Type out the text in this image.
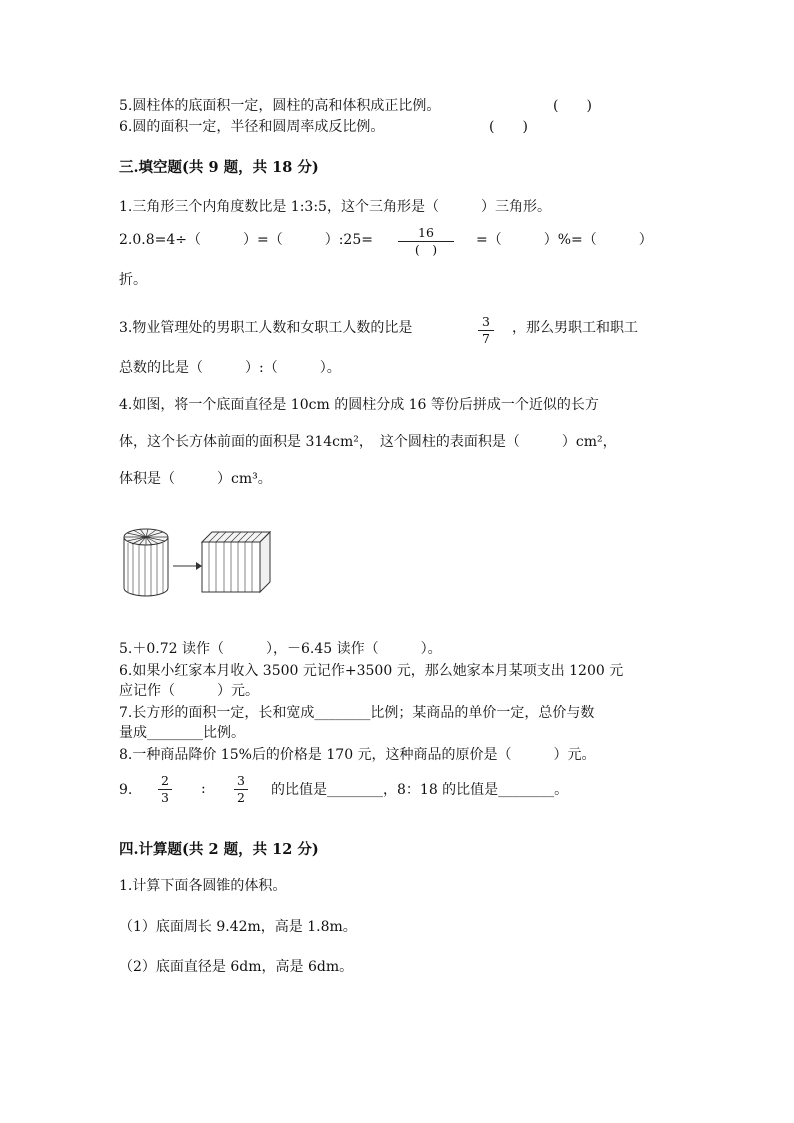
5.圆柱体的底面积一定，圆柱的高和体积成正比例。	(　　)
6.圆的面积一定，半径和圆周率成反比例。	(　　)
三.填空题(共 9 题，共 18 分)
1.三角形三个内角度数比是 1:3:5，这个三角形是（　　　）三角形。
2.0.8=4÷（　　　）=（　　　）:25=	16
(　)
=（　　　）%=（　　　）
折。
3.物业管理处的男职工人数和女职工人数的比是	3
7
，那么男职工和职工
总数的比是（　　　）:（　　　）。
4.如图，将一个底面直径是 10cm 的圆柱分成 16 等份后拼成一个近似的长方
体，这个长方体前面的面积是 314cm²，　这个圆柱的表面积是（　　　）cm²，
体积是（　　　）cm³。
5.＋0.72 读作（　　　），－6.45 读作（　　　）。
6.如果小红家本月收入 3500 元记作+3500 元，那么她家本月某项支出 1200 元
应记作（　　　）元。
7.长方形的面积一定，长和宽成________比例；某商品的单价一定，总价与数
量成________比例。
8.一种商品降价 15%后的价格是 170 元，这种商品的原价是（　　　）元。
9.
2
3
:
3
2 的比值是________，8：18 的比值是________。
四.计算题(共 2 题，共 12 分)
1.计算下面各圆锥的体积。
（1）底面周长 9.42m，高是 1.8m。
（2）底面直径是 6dm，高是 6dm。
